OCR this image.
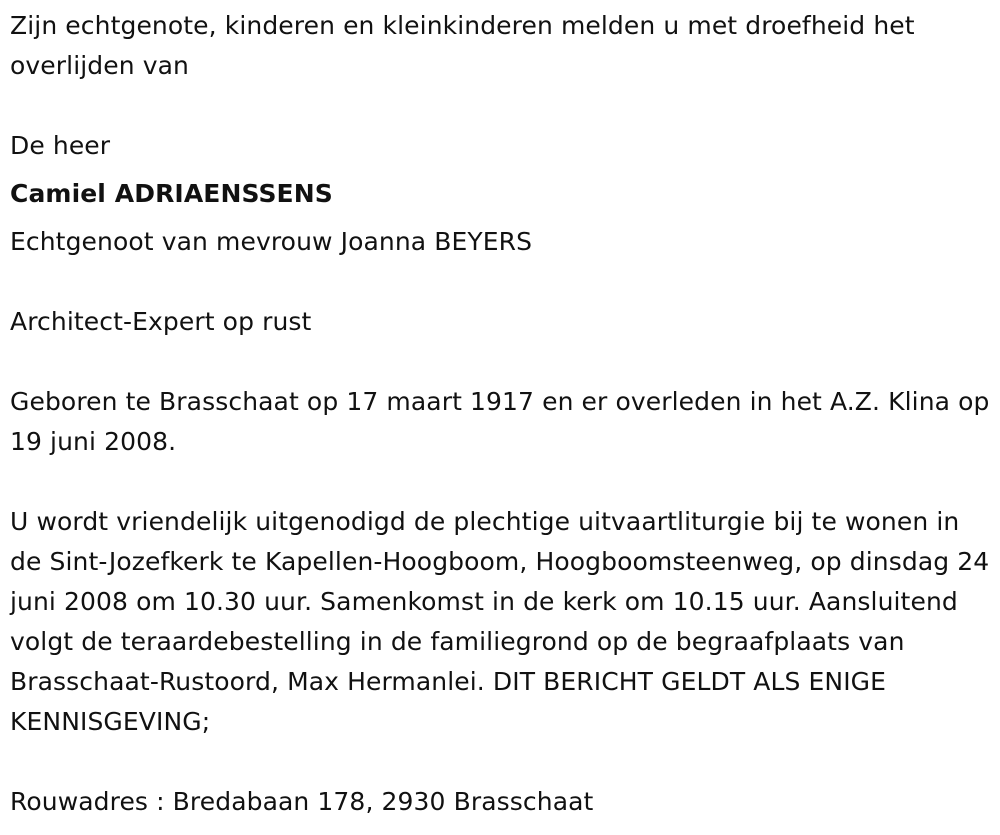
Zijn echtgenote, kinderen en kleinkinderen melden u met droefheid het overlijden van

De heer

Camiel ADRIAENSSENS

Echtgenoot van mevrouw Joanna BEYERS

Architect-Expert op rust

Geboren te Brasschaat op 17 maart 1917 en er overleden in het A.Z. Klina op 19 juni 2008.

U wordt vriendelijk uitgenodigd de plechtige uitvaartliturgie bij te wonen in de Sint-Jozefkerk te Kapellen-Hoogboom, Hoogboomsteenweg, op dinsdag 24 juni 2008 om 10.30 uur. Samenkomst in de kerk om 10.15 uur. Aansluitend volgt de teraardebestelling in de familiegrond op de begraafplaats van Brasschaat-Rustoord, Max Hermanlei. DIT BERICHT GELDT ALS ENIGE KENNISGEVING;

Rouwadres : Bredabaan 178, 2930 Brasschaat
